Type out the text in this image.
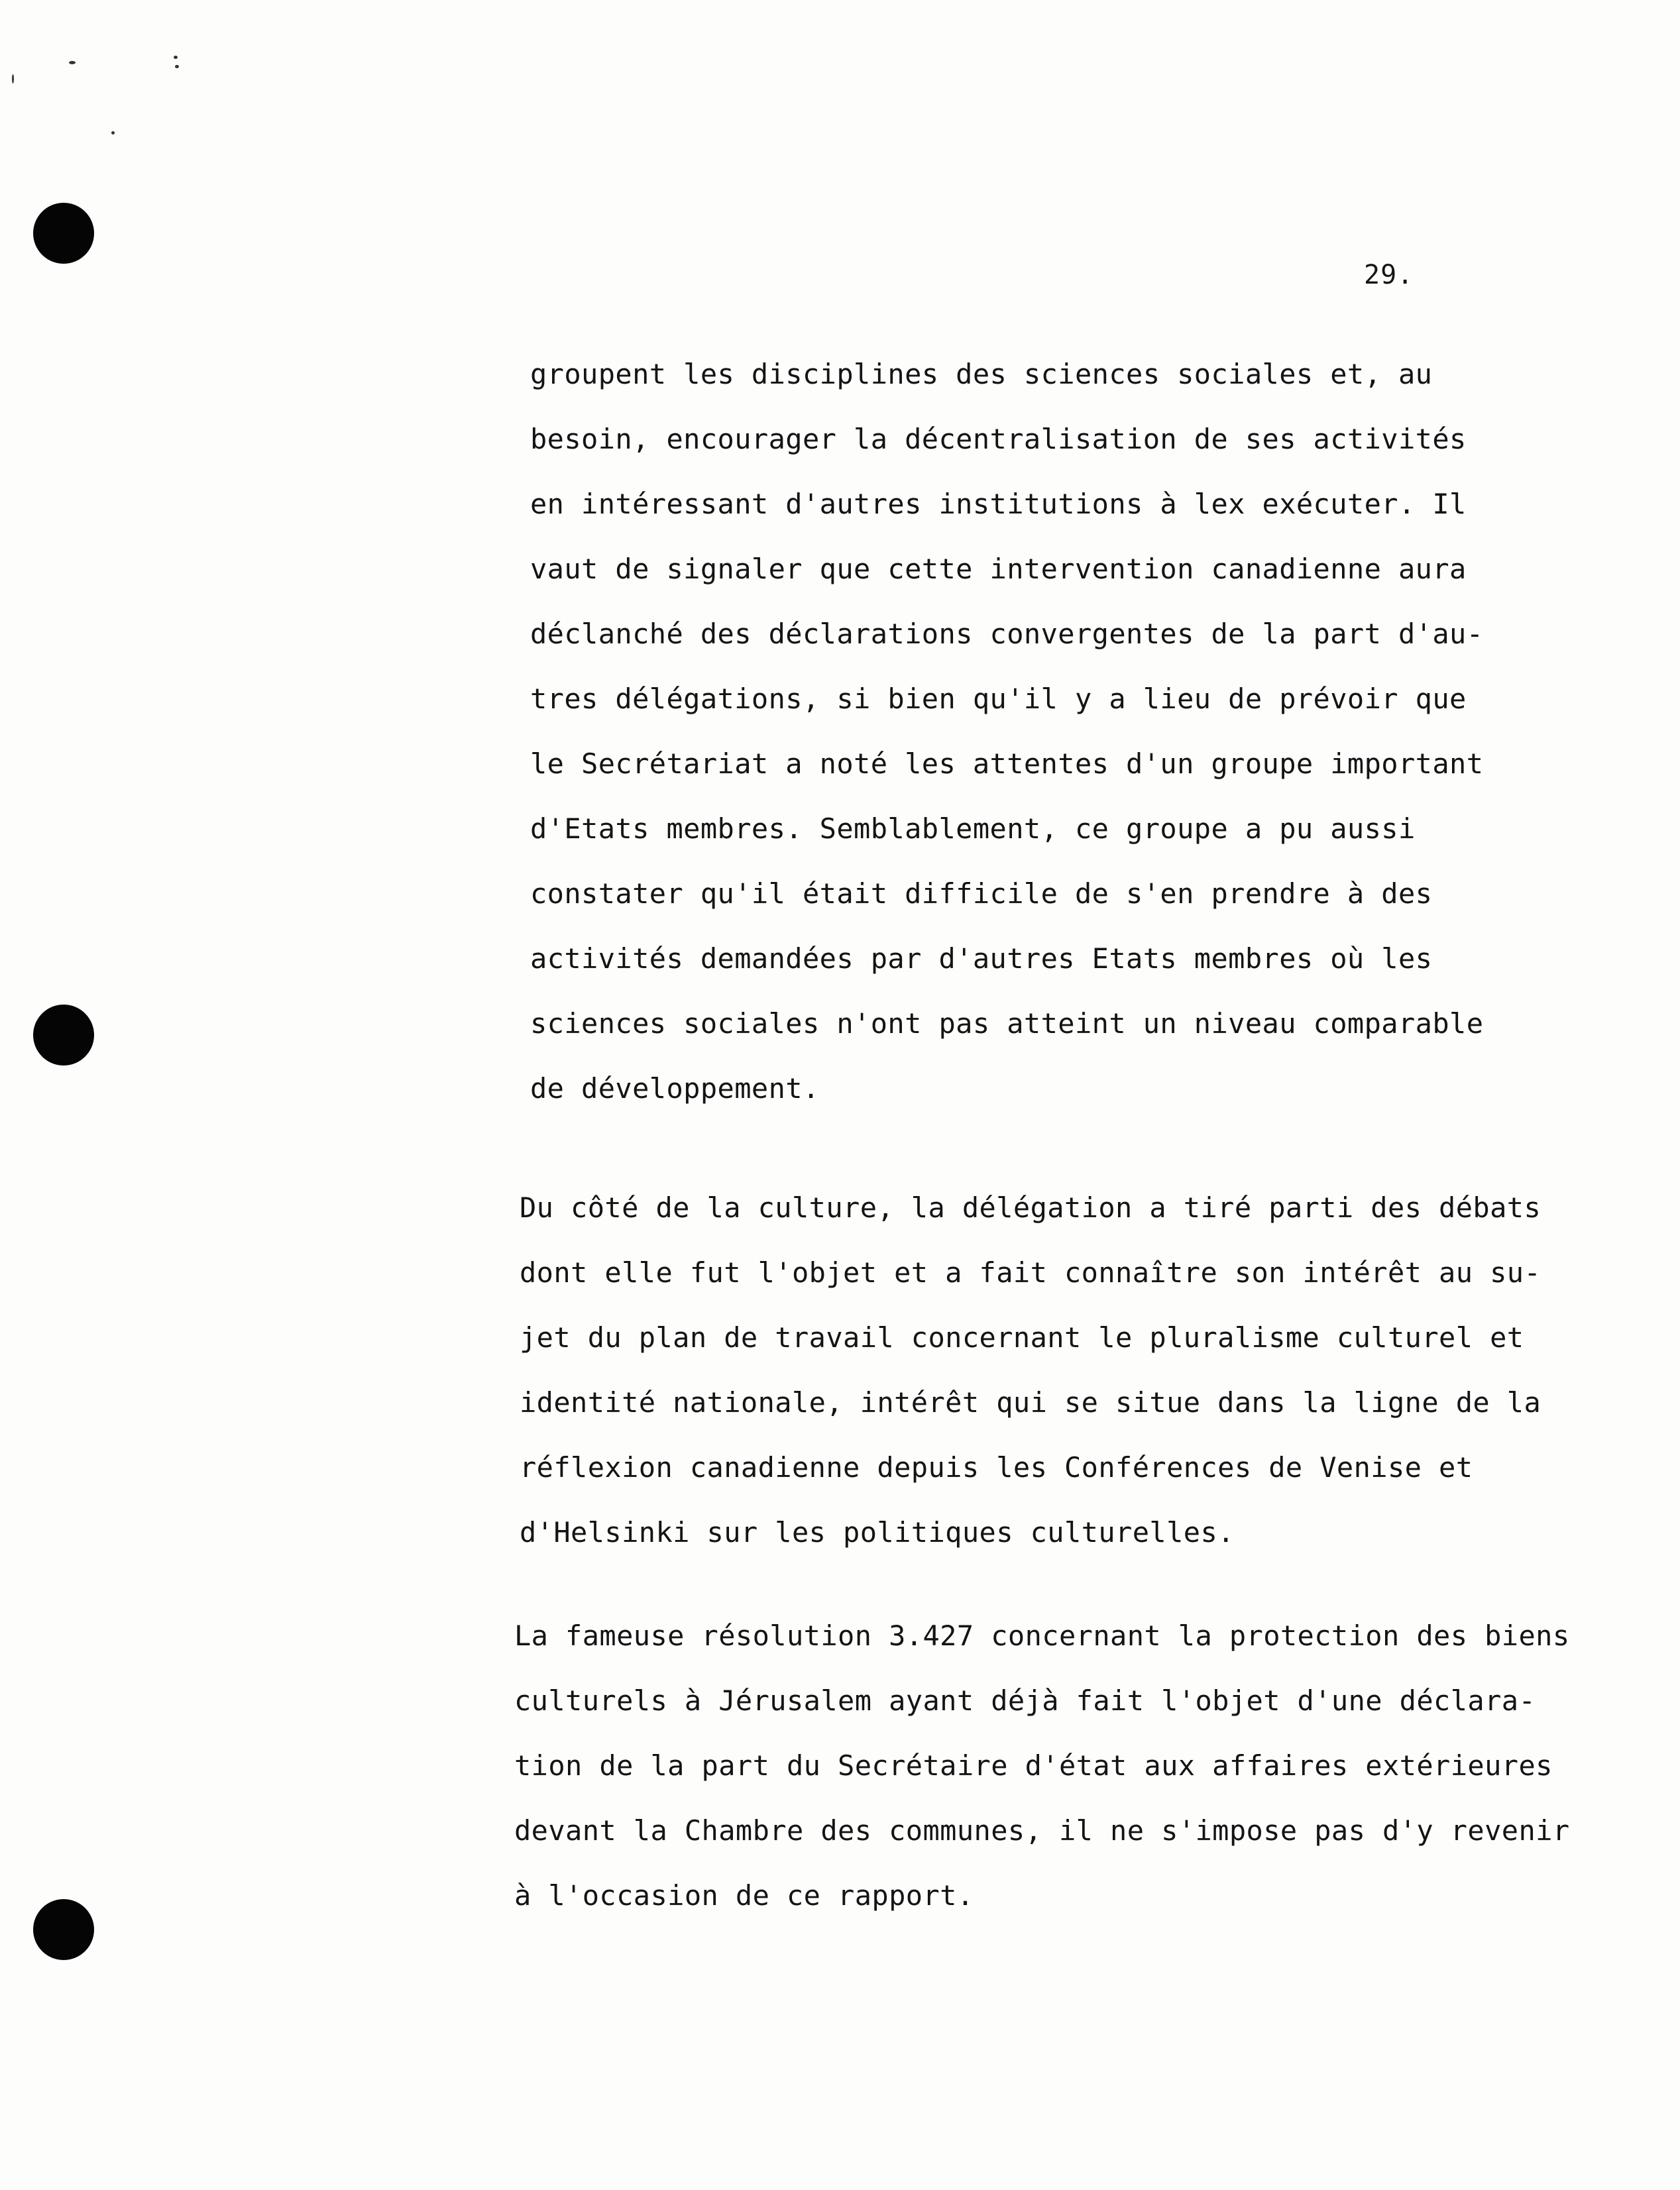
29.
groupent les disciplines des sciences sociales et, au
besoin, encourager la décentralisation de ses activités
en intéressant d'autres institutions à lex exécuter. Il
vaut de signaler que cette intervention canadienne aura
déclanché des déclarations convergentes de la part d'au-
tres délégations, si bien qu'il y a lieu de prévoir que
le Secrétariat a noté les attentes d'un groupe important
d'Etats membres. Semblablement, ce groupe a pu aussi
constater qu'il était difficile de s'en prendre à des
activités demandées par d'autres Etats membres où les
sciences sociales n'ont pas atteint un niveau comparable
de développement.
Du côté de la culture, la délégation a tiré parti des débats
dont elle fut l'objet et a fait connaître son intérêt au su-
jet du plan de travail concernant le pluralisme culturel et
identité nationale, intérêt qui se situe dans la ligne de la
réflexion canadienne depuis les Conférences de Venise et
d'Helsinki sur les politiques culturelles.
La fameuse résolution 3.427 concernant la protection des biens
culturels à Jérusalem ayant déjà fait l'objet d'une déclara-
tion de la part du Secrétaire d'état aux affaires extérieures
devant la Chambre des communes, il ne s'impose pas d'y revenir
à l'occasion de ce rapport.
